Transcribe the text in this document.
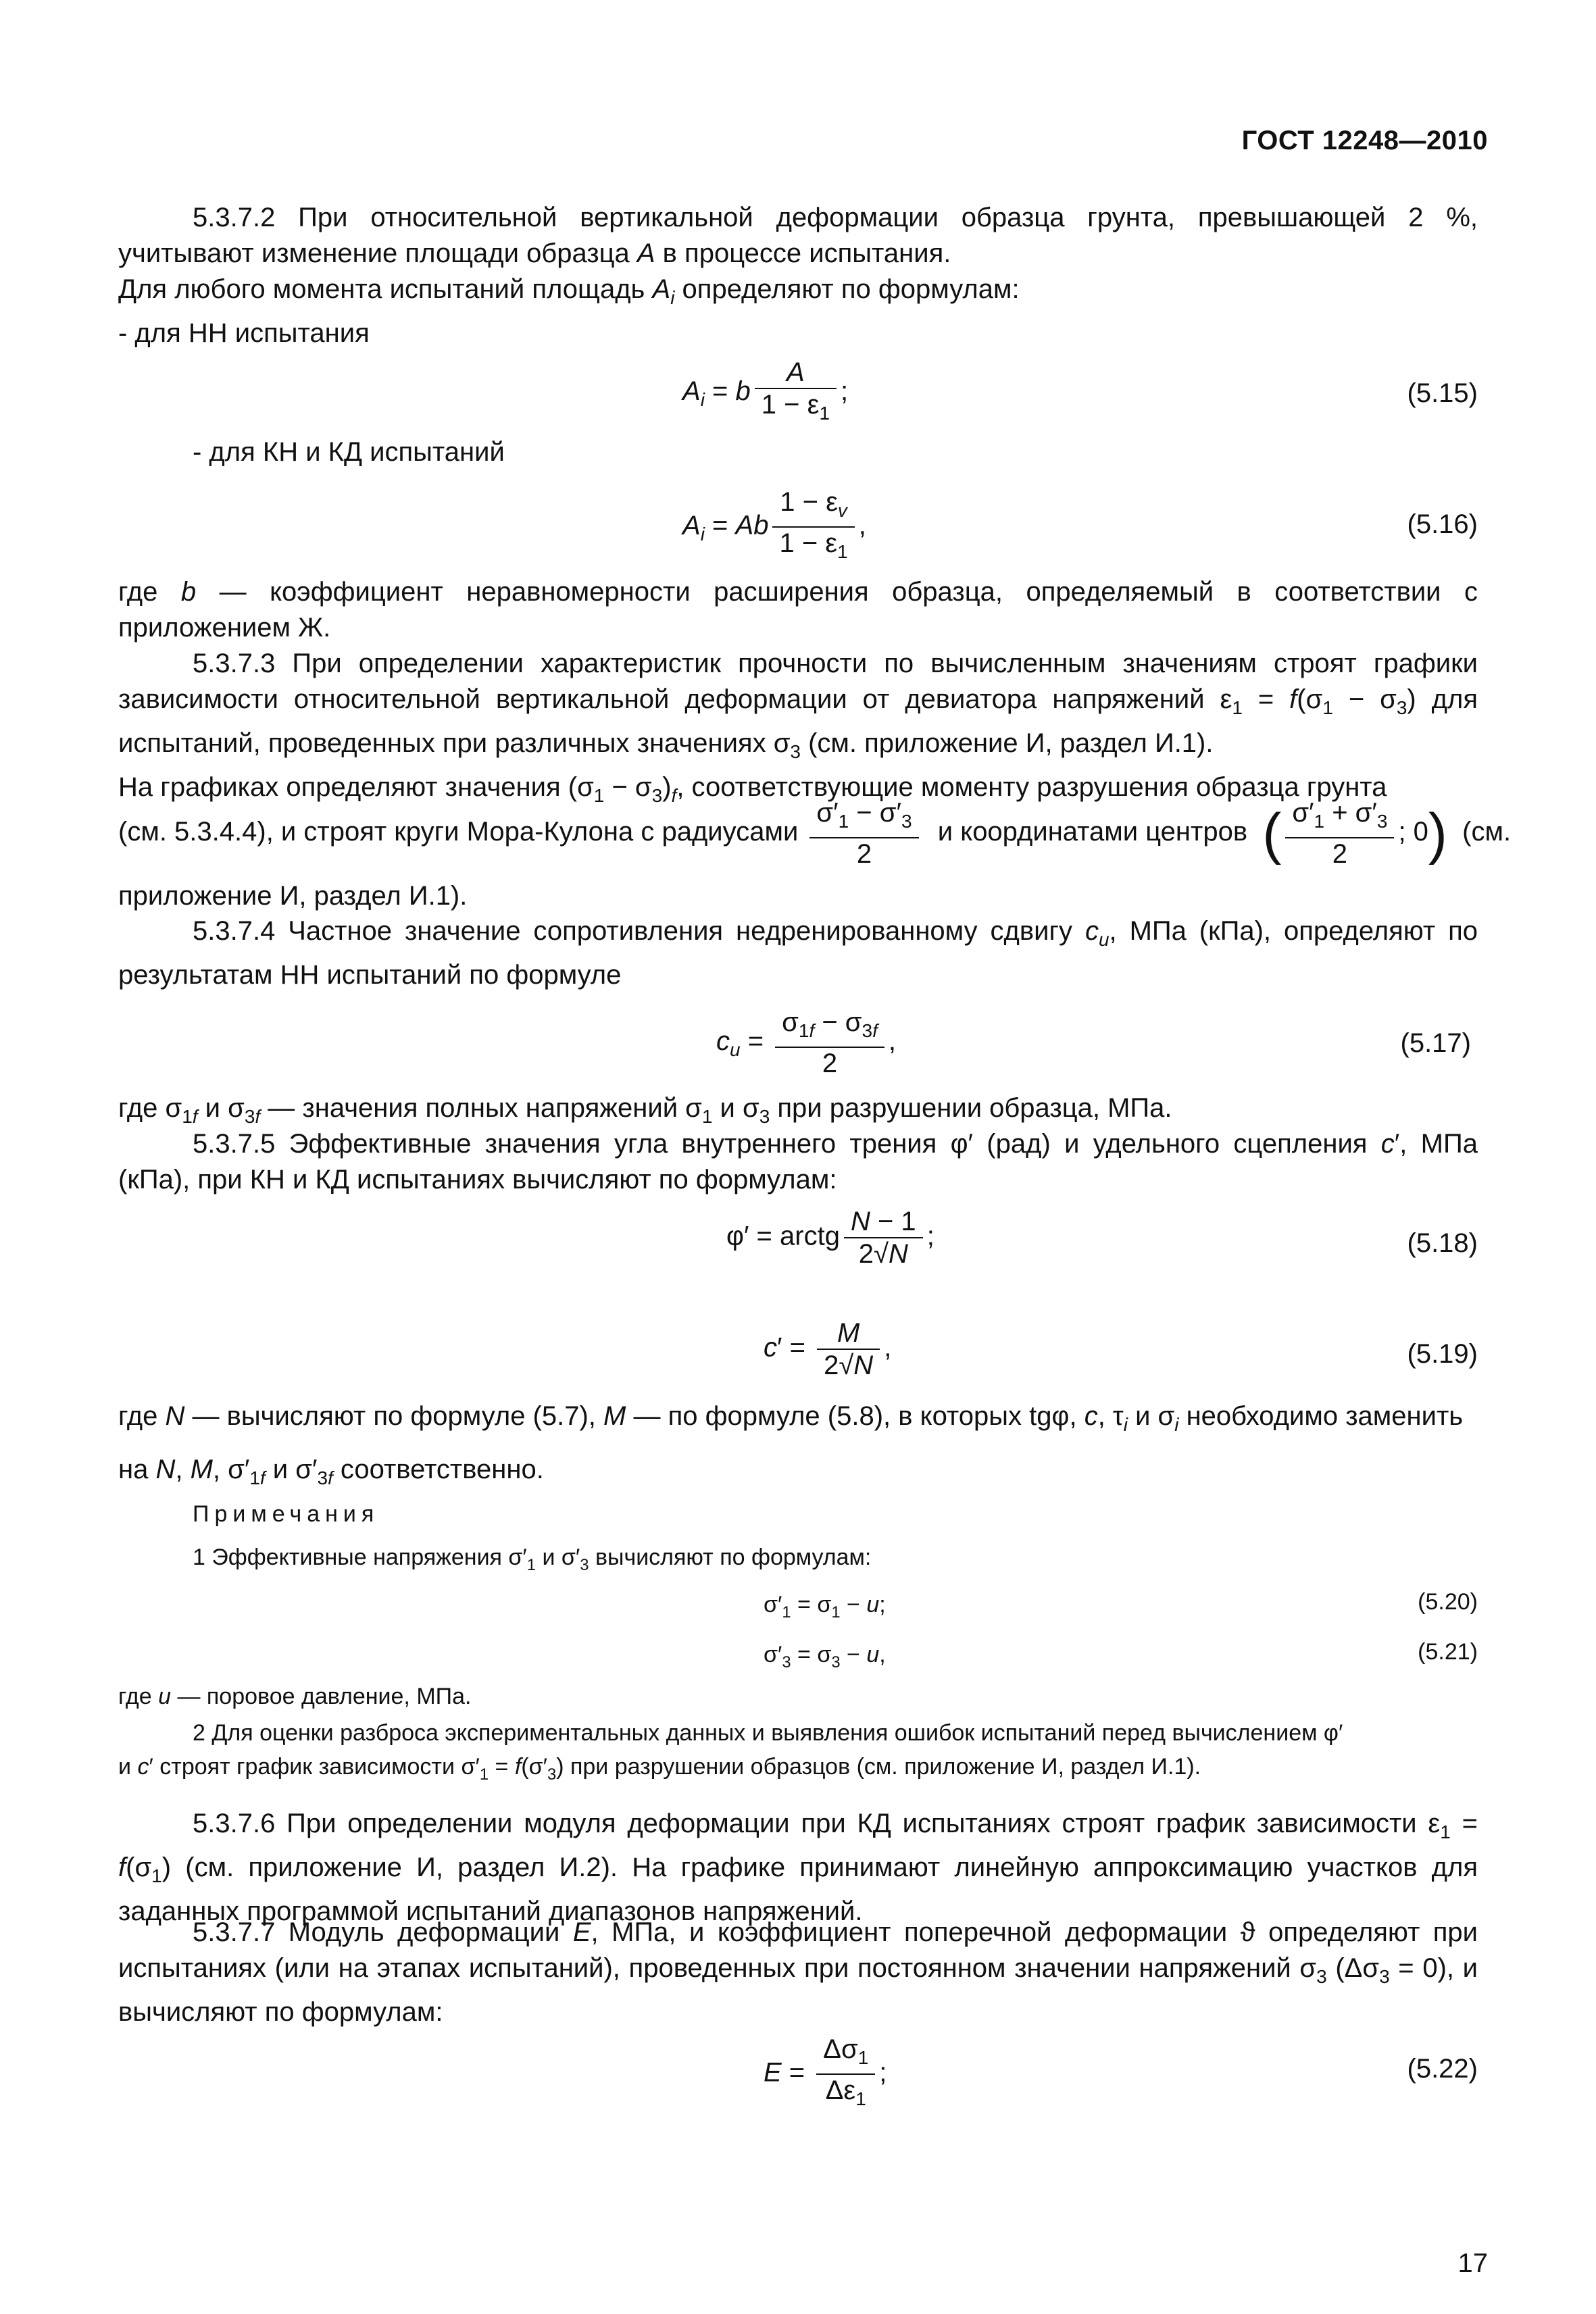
ГОСТ 12248—2010
5.3.7.2 При относительной вертикальной деформации образца грунта, превышающей 2 %, учитывают изменение площади образца A в процессе испытания.
Для любого момента испытаний площадь $A_i$ определяют по формулам:
- для НН испытания
$A_i = b \frac{A}{1 - \varepsilon_1}$ ;	(5.15)
- для КН и КД испытаний
$A_i = Ab \frac{1 - \varepsilon_v}{1 - \varepsilon_1}$ ,	(5.16)
где b — коэффициент неравномерности расширения образца, определяемый в соответствии с приложением Ж.
5.3.7.3 При определении характеристик прочности по вычисленным значениям строят графики зависимости относительной вертикальной деформации от девиатора напряжений $\varepsilon_1 = f(\sigma_1 - \sigma_3)$ для испытаний, проведенных при различных значениях $\sigma_3$ (см. приложение И, раздел И.1).
На графиках определяют значения $(\sigma_1 - \sigma_3)_f$, соответствующие моменту разрушения образца грунта
(см. 5.3.4.4), и строят круги Мора-Кулона с радиусами $\frac{\sigma'_1 - \sigma'_3}{2}$ и координатами центров ( $\frac{\sigma'_1 + \sigma'_3}{2}$ ; 0) (см.
приложение И, раздел И.1).
5.3.7.4 Частное значение сопротивления недренированному сдвигу $c_u$, МПа (кПа), определяют по результатам НН испытаний по формуле
$c_u = \frac{\sigma_{1f} - \sigma_{3f}}{2}$ ,	(5.17)
где $\sigma_{1f}$ и $\sigma_{3f}$ — значения полных напряжений $\sigma_1$ и $\sigma_3$ при разрушении образца, МПа.
5.3.7.5 Эффективные значения угла внутреннего трения φ′ (рад) и удельного сцепления c′, МПа (кПа), при КН и КД испытаниях вычисляют по формулам:
φ′ = arctg $\frac{N - 1}{2√N}$ ;	(5.18)
$c' = \frac{M}{2√N}$ ,	(5.19)
где N — вычисляют по формуле (5.7), M — по формуле (5.8), в которых tgφ, c, $\tau_i$ и $\sigma_i$ необходимо заменить
на N, M, $\sigma'_{1f}$ и $\sigma'_{3f}$ соответственно.
Примечания
1 Эффективные напряжения $\sigma'_1$ и $\sigma'_3$ вычисляют по формулам:
$\sigma'_1 = \sigma_1 - u$;	(5.20)
$\sigma'_3 = \sigma_3 - u$,	(5.21)
где u — поровое давление, МПа.
2 Для оценки разброса экспериментальных данных и выявления ошибок испытаний перед вычислением φ′
и c′ строят график зависимости $\sigma'_1 = f(\sigma'_3)$ при разрушении образцов (см. приложение И, раздел И.1).
5.3.7.6 При определении модуля деформации при КД испытаниях строят график зависимости $\varepsilon_1 = f(\sigma_1)$ (см. приложение И, раздел И.2). На графике принимают линейную аппроксимацию участков для заданных программой испытаний диапазонов напряжений.
5.3.7.7 Модуль деформации E, МПа, и коэффициент поперечной деформации ϑ определяют при испытаниях (или на этапах испытаний), проведенных при постоянном значении напряжений $\sigma_3$ $(\Delta\sigma_3 = 0)$, и вычисляют по формулам:
$E = \frac{\Delta\sigma_1}{\Delta\varepsilon_1}$ ;	(5.22)
17
